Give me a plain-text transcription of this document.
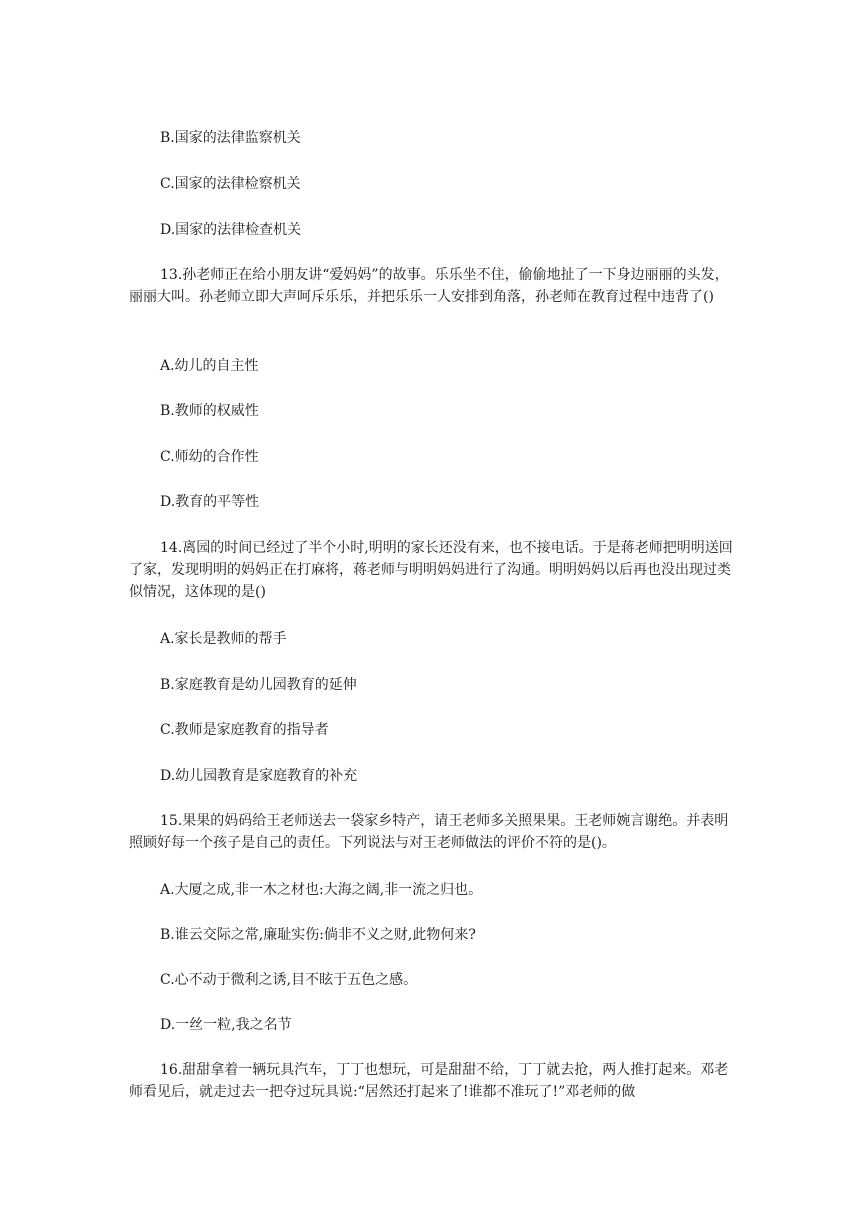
B.国家的法律监察机关
C.国家的法律检察机关
D.国家的法律检查机关
13.孙老师正在给小朋友讲“爱妈妈”的故事。乐乐坐不住，偷偷地扯了一下身边丽丽的头发，丽丽大叫。孙老师立即大声呵斥乐乐，并把乐乐一人安排到角落，孙老师在教育过程中违背了()
A.幼儿的自主性
B.教师的权威性
C.师幼的合作性
D.教育的平等性
14.离园的时间已经过了半个小时,明明的家长还没有来，也不接电话。于是蒋老师把明明送回了家，发现明明的妈妈正在打麻将，蒋老师与明明妈妈进行了沟通。明明妈妈以后再也没出现过类似情况，这体现的是()
A.家长是教师的帮手
B.家庭教育是幼儿园教育的延伸
C.教师是家庭教育的指导者
D.幼儿园教育是家庭教育的补充
15.果果的妈码给王老师送去一袋家乡特产，请王老师多关照果果。王老师婉言谢绝。并表明照顾好每一个孩子是自己的责任。下列说法与对王老师做法的评价不符的是()。
A.大厦之成,非一木之材也:大海之阔,非一流之归也。
B.谁云交际之常,廉耻实伤:倘非不义之财,此物何来?
C.心不动于微利之诱,目不眩于五色之感。
D.一丝一粒,我之名节
16.甜甜拿着一辆玩具汽车，丁丁也想玩，可是甜甜不给，丁丁就去抢，两人推打起来。邓老师看见后，就走过去一把夺过玩具说:“居然还打起来了!谁都不准玩了!”邓老师的做
